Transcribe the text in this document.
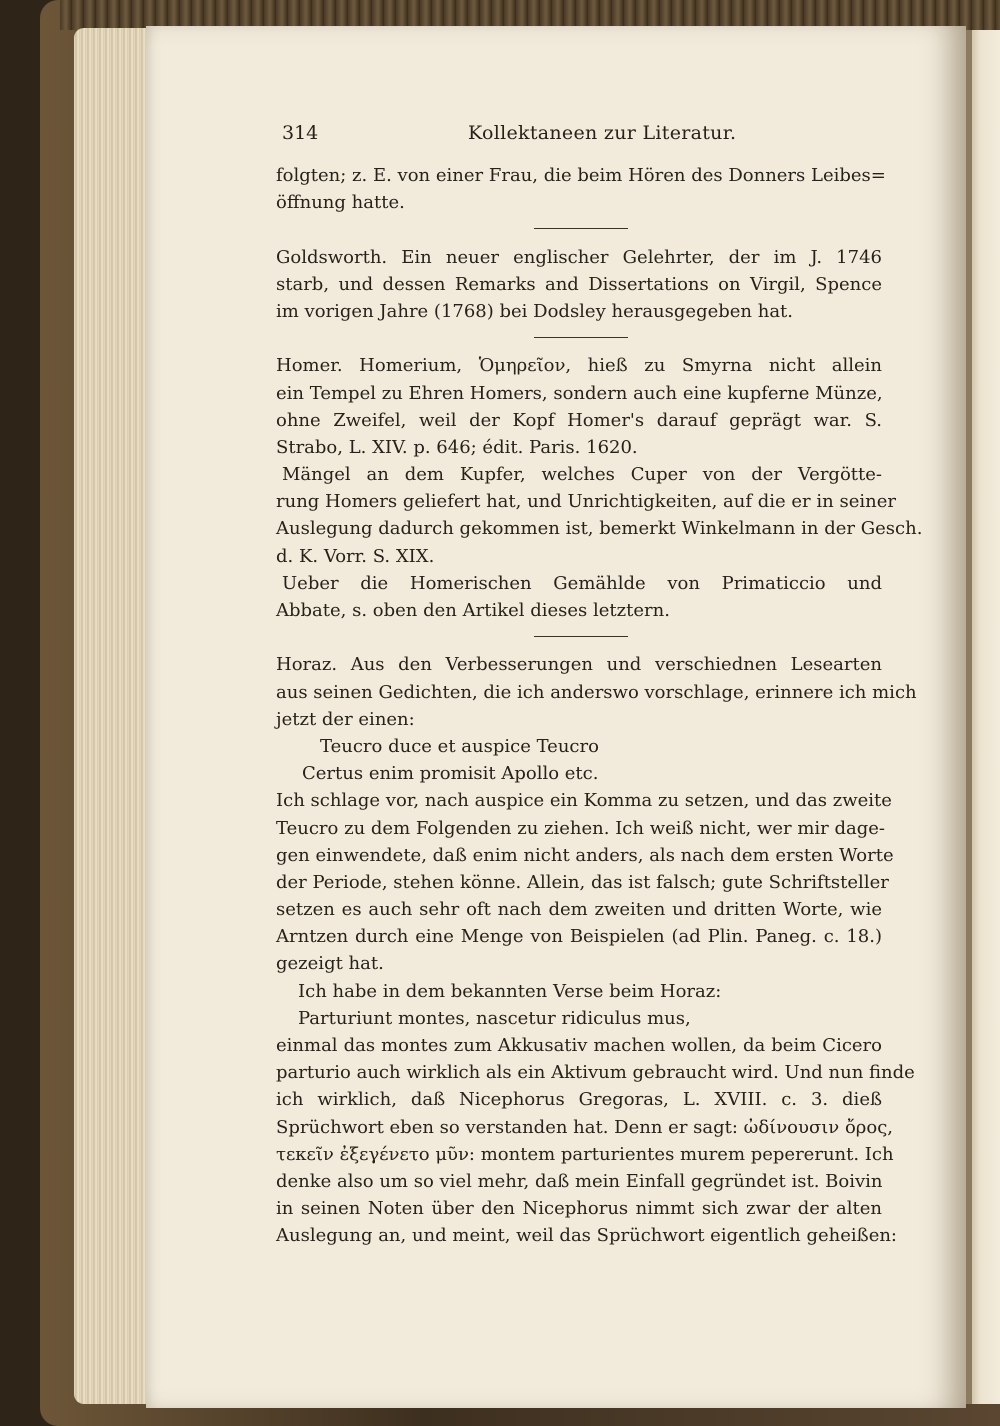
314	Kollektaneen zur Literatur.
folgten; z. E. von einer Frau, die beim Hören des Donners Leibes=
öffnung hatte.
Goldsworth. Ein neuer englischer Gelehrter, der im J. 1746
starb, und dessen Remarks and Dissertations on Virgil, Spence
im vorigen Jahre (1768) bei Dodsley herausgegeben hat.
Homer. Homerium, Ὁμηρεῖον, hieß zu Smyrna nicht allein
ein Tempel zu Ehren Homers, sondern auch eine kupferne Münze,
ohne Zweifel, weil der Kopf Homer's darauf geprägt war. S.
Strabo, L. XIV. p. 646; édit. Paris. 1620.
Mängel an dem Kupfer, welches Cuper von der Vergötte-
rung Homers geliefert hat, und Unrichtigkeiten, auf die er in seiner
Auslegung dadurch gekommen ist, bemerkt Winkelmann in der Gesch.
d. K. Vorr. S. XIX.
Ueber die Homerischen Gemählde von Primaticcio und
Abbate, s. oben den Artikel dieses letztern.
Horaz. Aus den Verbesserungen und verschiednen Lesearten
aus seinen Gedichten, die ich anderswo vorschlage, erinnere ich mich
jetzt der einen:
Teucro duce et auspice Teucro
Certus enim promisit Apollo etc.
Ich schlage vor, nach auspice ein Komma zu setzen, und das zweite
Teucro zu dem Folgenden zu ziehen. Ich weiß nicht, wer mir dage-
gen einwendete, daß enim nicht anders, als nach dem ersten Worte
der Periode, stehen könne. Allein, das ist falsch; gute Schriftsteller
setzen es auch sehr oft nach dem zweiten und dritten Worte, wie
Arntzen durch eine Menge von Beispielen (ad Plin. Paneg. c. 18.)
gezeigt hat.
Ich habe in dem bekannten Verse beim Horaz:
Parturiunt montes, nascetur ridiculus mus,
einmal das montes zum Akkusativ machen wollen, da beim Cicero
parturio auch wirklich als ein Aktivum gebraucht wird. Und nun finde
ich wirklich, daß Nicephorus Gregoras, L. XVIII. c. 3. dieß
Sprüchwort eben so verstanden hat. Denn er sagt: ὠδίνουσιν ὄρος,
τεκεῖν ἐξεγένετο μῦν: montem parturientes murem pepererunt. Ich
denke also um so viel mehr, daß mein Einfall gegründet ist. Boivin
in seinen Noten über den Nicephorus nimmt sich zwar der alten
Auslegung an, und meint, weil das Sprüchwort eigentlich geheißen:
